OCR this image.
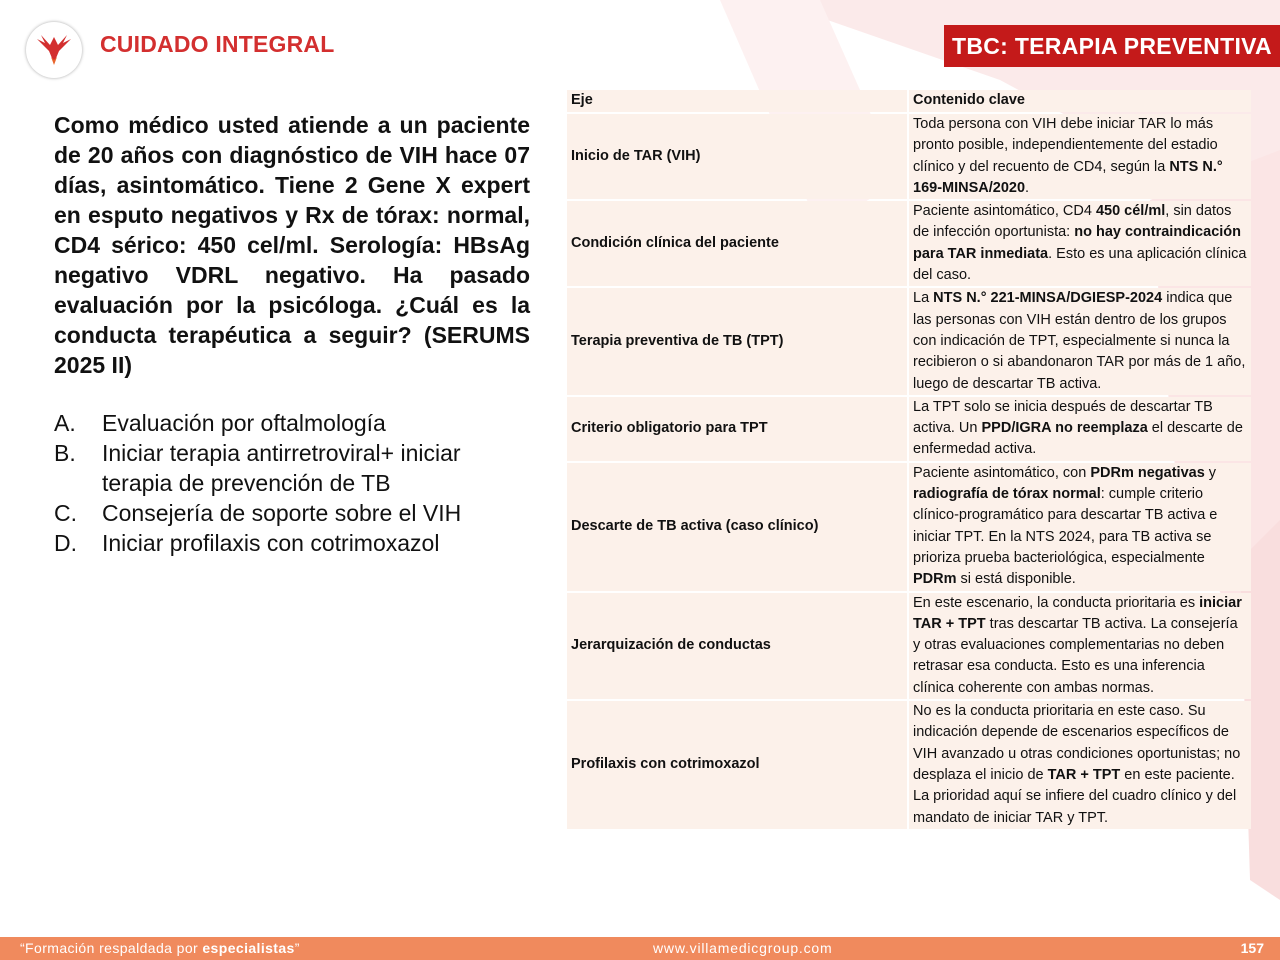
CUIDADO INTEGRAL	TBC: TERAPIA PREVENTIVA
Como médico usted atiende a un paciente de 20 años con diagnóstico de VIH hace 07 días, asintomático. Tiene 2 Gene X expert en esputo negativos y Rx de tórax: normal, CD4 sérico: 450 cel/ml. Serología: HBsAg negativo VDRL negativo. Ha pasado evaluación por la psicóloga. ¿Cuál es la conducta terapéutica a seguir? (SERUMS 2025 II)
A.	Evaluación por oftalmología
B.	Iniciar terapia antirretroviral+ iniciar terapia de prevención de TB
C.	Consejería de soporte sobre el VIH
D.	Iniciar profilaxis con cotrimoxazol
Eje	Contenido clave
Inicio de TAR (VIH)	Toda persona con VIH debe iniciar TAR lo más pronto posible, independientemente del estadio clínico y del recuento de CD4, según la NTS N.° 169-MINSA/2020.
Condición clínica del paciente	Paciente asintomático, CD4 450 cél/ml, sin datos de infección oportunista: no hay contraindicación para TAR inmediata. Esto es una aplicación clínica del caso.
Terapia preventiva de TB (TPT)	La NTS N.° 221-MINSA/DGIESP-2024 indica que las personas con VIH están dentro de los grupos con indicación de TPT, especialmente si nunca la recibieron o si abandonaron TAR por más de 1 año, luego de descartar TB activa.
Criterio obligatorio para TPT	La TPT solo se inicia después de descartar TB activa. Un PPD/IGRA no reemplaza el descarte de enfermedad activa.
Descarte de TB activa (caso clínico)	Paciente asintomático, con PDRm negativas y radiografía de tórax normal: cumple criterio clínico-programático para descartar TB activa e iniciar TPT. En la NTS 2024, para TB activa se prioriza prueba bacteriológica, especialmente PDRm si está disponible.
Jerarquización de conductas	En este escenario, la conducta prioritaria es iniciar TAR + TPT tras descartar TB activa. La consejería y otras evaluaciones complementarias no deben retrasar esa conducta. Esto es una inferencia clínica coherente con ambas normas.
Profilaxis con cotrimoxazol	No es la conducta prioritaria en este caso. Su indicación depende de escenarios específicos de VIH avanzado u otras condiciones oportunistas; no desplaza el inicio de TAR + TPT en este paciente. La prioridad aquí se infiere del cuadro clínico y del mandato de iniciar TAR y TPT.
“Formación respaldada por especialistas”	www.villamedicgroup.com	157
